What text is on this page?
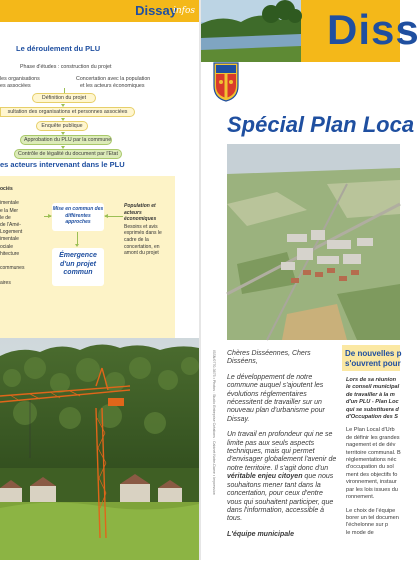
Dissay
infos
Le déroulement du PLU
Phase d'études : construction du projet
les organisations
es associées
Concertation avec la population
et les acteurs économiques
Définition du projet
sultation des organisations et personnes associées
Enquête publique
Approbation du PLU par la commune
Contrôle de légalité du document par l'Etat
es acteurs intervenant dans le PLU
ociés
imentale
e la Mer
le de
de l'Amé-
Logement
imentale
ociale
hitecture
communes
aires
Mise en commun des différentes approches
Émergence d'un projet commun
Population et acteurs économiques
Besoins et avis exprimés dans le cadre de la concertation, en amont du projet
Diss
Spécial Plan Loca
ISSN/0770-3675 • Photos : Studio Entreprise Créations : Cabinet Notre-Dame • Impression Chères Disséennes, Chers Disséens,

Le développement de notre commune auquel s'ajoutent les évolutions réglementaires nécessitent de travailler sur un nouveau plan d'urbanisme pour Dissay.

Un travail en profondeur qui ne se limite pas aux seuls aspects techniques, mais qui permet d'envisager globalement l'avenir de notre territoire. Il s'agit donc d'un véritable enjeu citoyen que nous souhaitons mener tant dans la concertation, pour ceux d'entre vous qui souhaitent participer, que dans l'information, accessible à tous.

L'équipe municipale

De nouvelles p
s'ouvrent pour

Lors de sa réunion
le conseil municipal
de travailler à la m
d'un PLU - Plan Loc
qui se substituera d
d'Occupation des S

Le Plan Local d'Urb
de définir les grandes
nagement et de dév
territoire communal. B
réglementations néc
d'occupation du sol
ment des objectifs fo
vironnement, instaur
par les lois issues du
ronnement.

Le choix de l'équipe
borer un tel documen
l'échelonne sur p
le mode de
